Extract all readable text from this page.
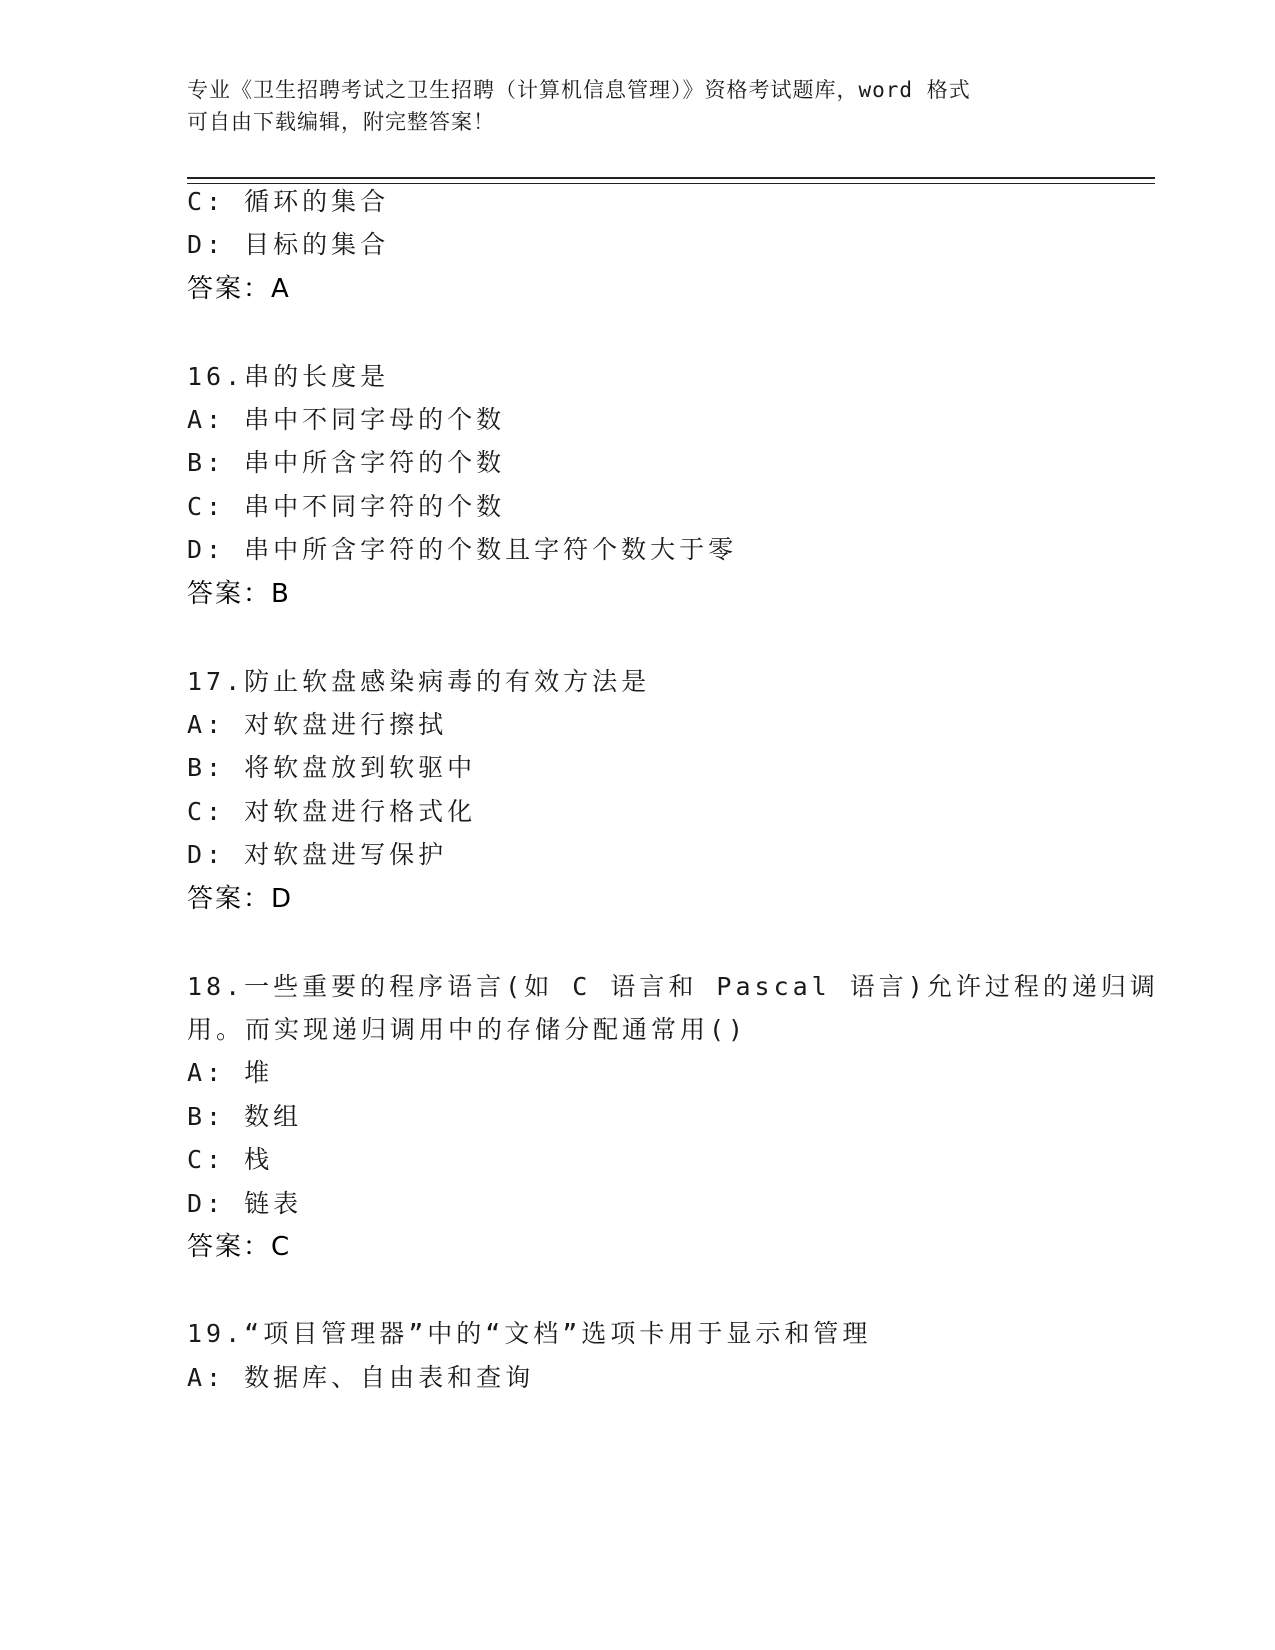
专业《卫生招聘考试之卫生招聘（计算机信息管理）》资格考试题库，word 格式
可自由下载编辑，附完整答案！
C: 循环的集合
D: 目标的集合
答案：A
16.串的长度是
A: 串中不同字母的个数
B: 串中所含字符的个数
C: 串中不同字符的个数
D: 串中所含字符的个数且字符个数大于零
答案：B
17.防止软盘感染病毒的有效方法是
A: 对软盘进行擦拭
B: 将软盘放到软驱中
C: 对软盘进行格式化
D: 对软盘进写保护
答案：D
18.一些重要的程序语言(如 C 语言和 Pascal 语言)允许过程的递归调
用。而实现递归调用中的存储分配通常用()
A: 堆
B: 数组
C: 栈
D: 链表
答案：C
19.“项目管理器”中的“文档”选项卡用于显示和管理
A: 数据库、自由表和查询
